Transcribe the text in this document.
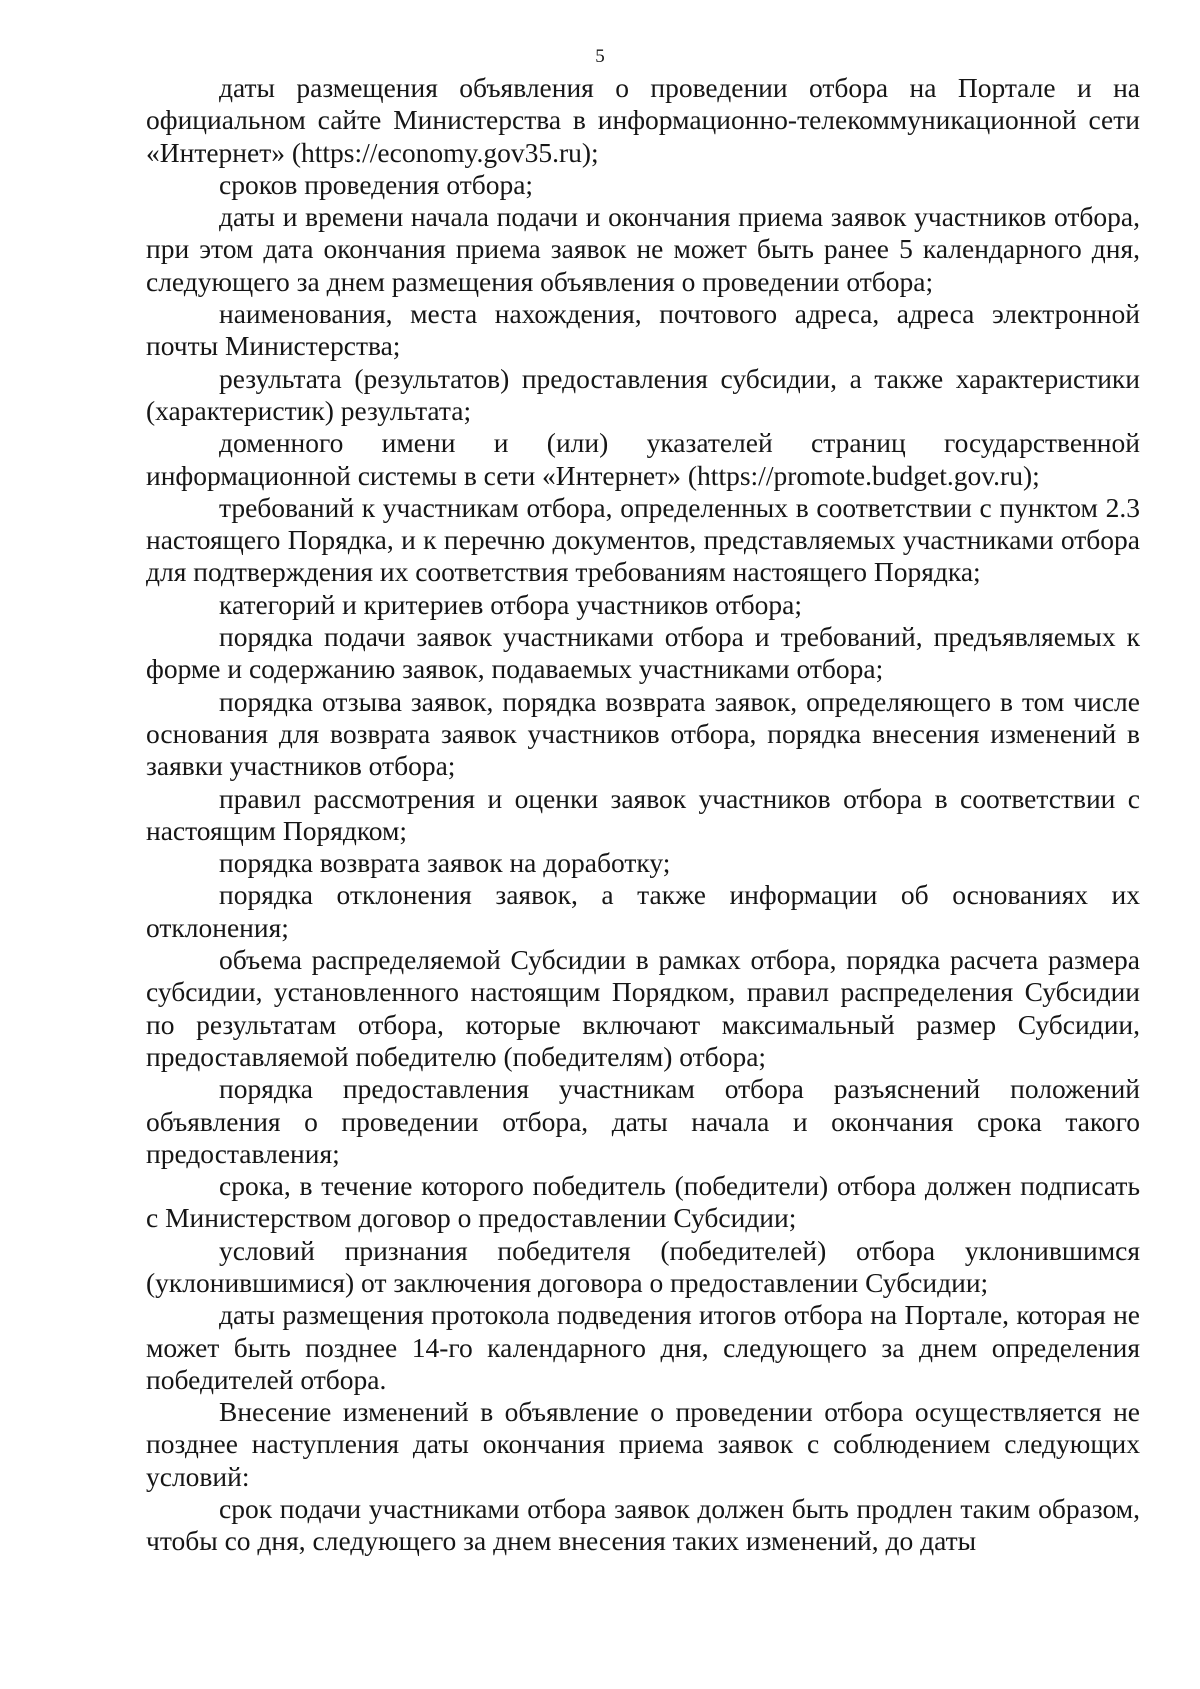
5

даты размещения объявления о проведении отбора на Портале и на официальном сайте Министерства в информационно-телекоммуникационной сети «Интернет» (https://economy.gov35.ru);

сроков проведения отбора;

даты и времени начала подачи и окончания приема заявок участников отбора, при этом дата окончания приема заявок не может быть ранее 5 календарного дня, следующего за днем размещения объявления о проведении отбора;

наименования, места нахождения, почтового адреса, адреса электронной почты Министерства;

результата (результатов) предоставления субсидии, а также характеристики (характеристик) результата;

доменного имени и (или) указателей страниц государственной информационной системы в сети «Интернет» (https://promote.budget.gov.ru);

требований к участникам отбора, определенных в соответствии с пунктом 2.3 настоящего Порядка, и к перечню документов, представляемых участниками отбора для подтверждения их соответствия требованиям настоящего Порядка;

категорий и критериев отбора участников отбора;

порядка подачи заявок участниками отбора и требований, предъявляемых к форме и содержанию заявок, подаваемых участниками отбора;

порядка отзыва заявок, порядка возврата заявок, определяющего в том числе основания для возврата заявок участников отбора, порядка внесения изменений в заявки участников отбора;

правил рассмотрения и оценки заявок участников отбора в соответствии с настоящим Порядком;

порядка возврата заявок на доработку;

порядка отклонения заявок, а также информации об основаниях их отклонения;

объема распределяемой Субсидии в рамках отбора, порядка расчета размера субсидии, установленного настоящим Порядком, правил распределения Субсидии по результатам отбора, которые включают максимальный размер Субсидии, предоставляемой победителю (победителям) отбора;

порядка предоставления участникам отбора разъяснений положений объявления о проведении отбора, даты начала и окончания срока такого предоставления;

срока, в течение которого победитель (победители) отбора должен подписать с Министерством договор о предоставлении Субсидии;

условий признания победителя (победителей) отбора уклонившимся (уклонившимися) от заключения договора о предоставлении Субсидии;

даты размещения протокола подведения итогов отбора на Портале, которая не может быть позднее 14-го календарного дня, следующего за днем определения победителей отбора.

Внесение изменений в объявление о проведении отбора осуществляется не позднее наступления даты окончания приема заявок с соблюдением следующих условий:

срок подачи участниками отбора заявок должен быть продлен таким образом, чтобы со дня, следующего за днем внесения таких изменений, до даты
